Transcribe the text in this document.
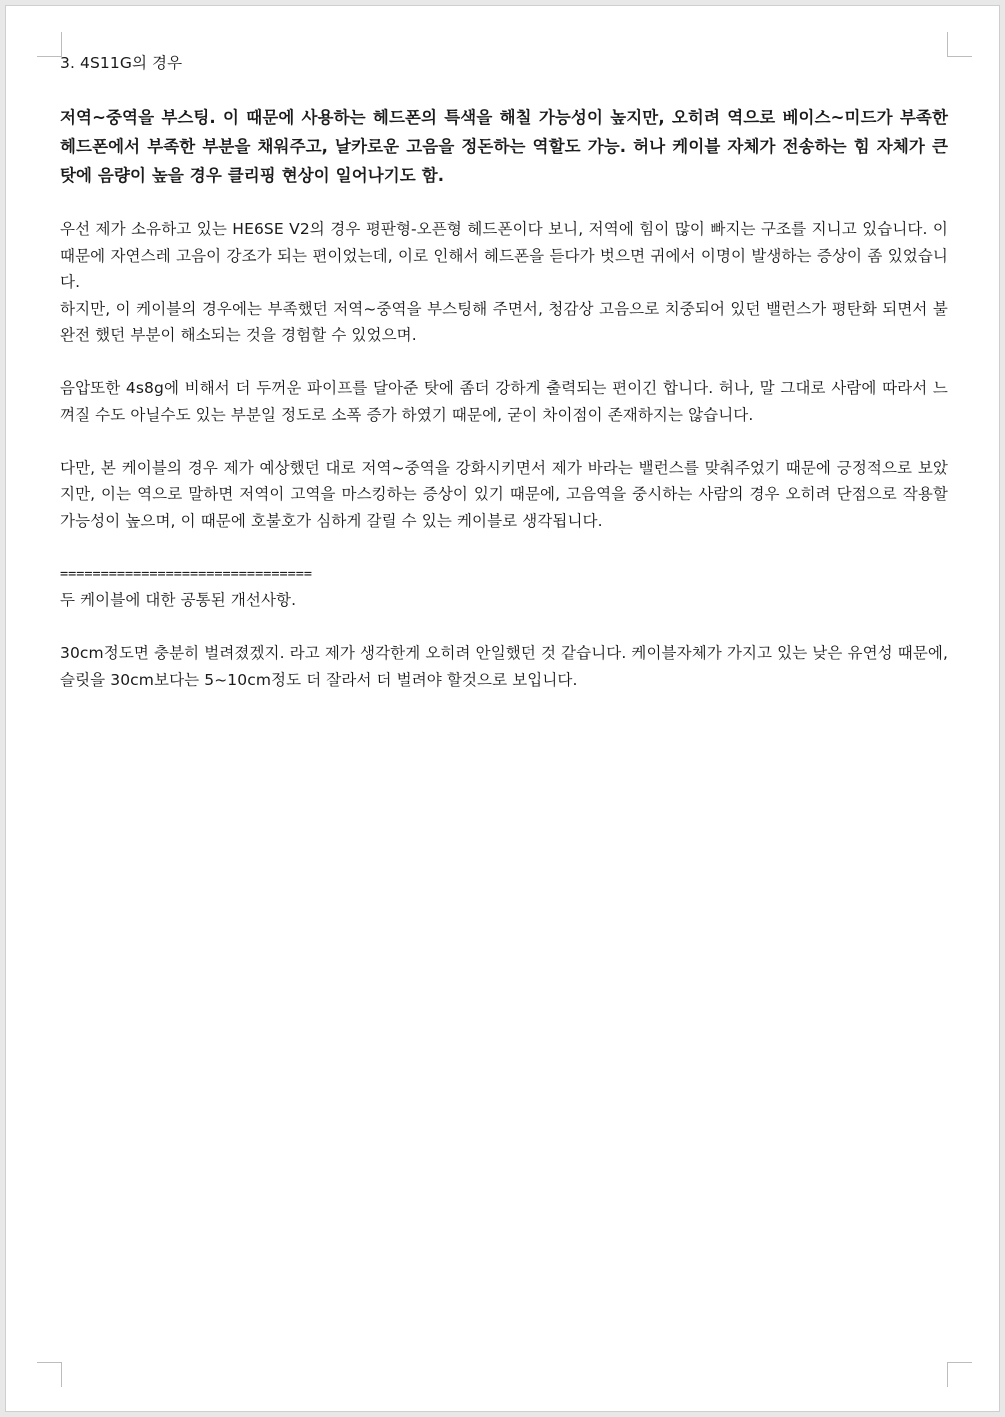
3. 4S11G의 경우

저역~중역을 부스팅. 이 때문에 사용하는 헤드폰의 특색을 해칠 가능성이 높지만, 오히려 역으로 베이스~미드가 부족한 헤드폰에서 부족한 부분을 채워주고, 날카로운 고음을 정돈하는 역할도 가능. 허나 케이블 자체가 전송하는 힘 자체가 큰 탓에 음량이 높을 경우 클리핑 현상이 일어나기도 함.

우선 제가 소유하고 있는 HE6SE V2의 경우 평판형-오픈형 헤드폰이다 보니, 저역에 힘이 많이 빠지는 구조를 지니고 있습니다. 이 때문에 자연스레 고음이 강조가 되는 편이었는데, 이로 인해서 헤드폰을 듣다가 벗으면 귀에서 이명이 발생하는 증상이 좀 있었습니다.

하지만, 이 케이블의 경우에는 부족했던 저역~중역을 부스팅해 주면서, 청감상 고음으로 치중되어 있던 밸런스가 평탄화 되면서 불완전 했던 부분이 해소되는 것을 경험할 수 있었으며.

음압또한 4s8g에 비해서 더 두꺼운 파이프를 달아준 탓에 좀더 강하게 출력되는 편이긴 합니다. 허나, 말 그대로 사람에 따라서 느껴질 수도 아닐수도 있는 부분일 정도로 소폭 증가 하였기 때문에, 굳이 차이점이 존재하지는 않습니다.

다만, 본 케이블의 경우 제가 예상했던 대로 저역~중역을 강화시키면서 제가 바라는 밸런스를 맞춰주었기 때문에 긍정적으로 보았지만, 이는 역으로 말하면 저역이 고역을 마스킹하는 증상이 있기 때문에, 고음역을 중시하는 사람의 경우 오히려 단점으로 작용할 가능성이 높으며, 이 때문에 호불호가 심하게 갈릴 수 있는 케이블로 생각됩니다.

===============================

두 케이블에 대한 공통된 개선사항.

30cm정도면 충분히 벌려졌겠지. 라고 제가 생각한게 오히려 안일했던 것 같습니다. 케이블자체가 가지고 있는 낮은 유연성 때문에, 슬릿을 30cm보다는 5~10cm정도 더 잘라서 더 벌려야 할것으로 보입니다.
